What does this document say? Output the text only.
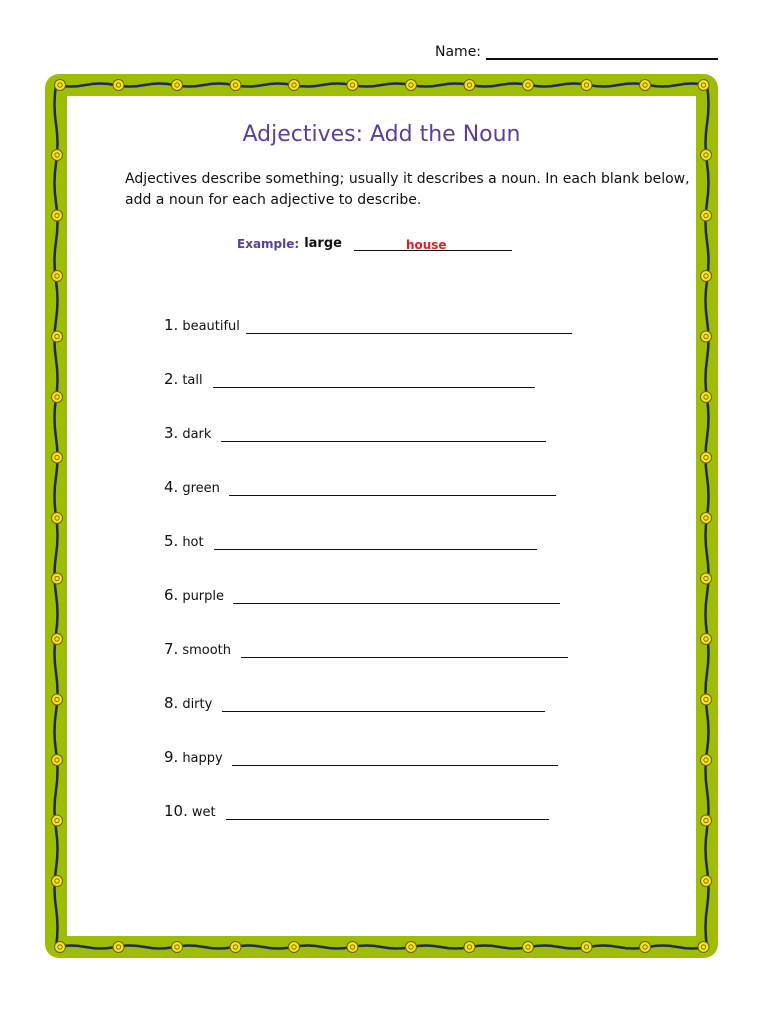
Name:
Adjectives: Add the Noun
Adjectives describe something; usually it describes a noun. In each blank below, add a noun for each adjective to describe.
Example: large	house
1. beautiful
2. tall
3. dark
4. green
5. hot
6. purple
7. smooth
8. dirty
9. happy
10. wet
